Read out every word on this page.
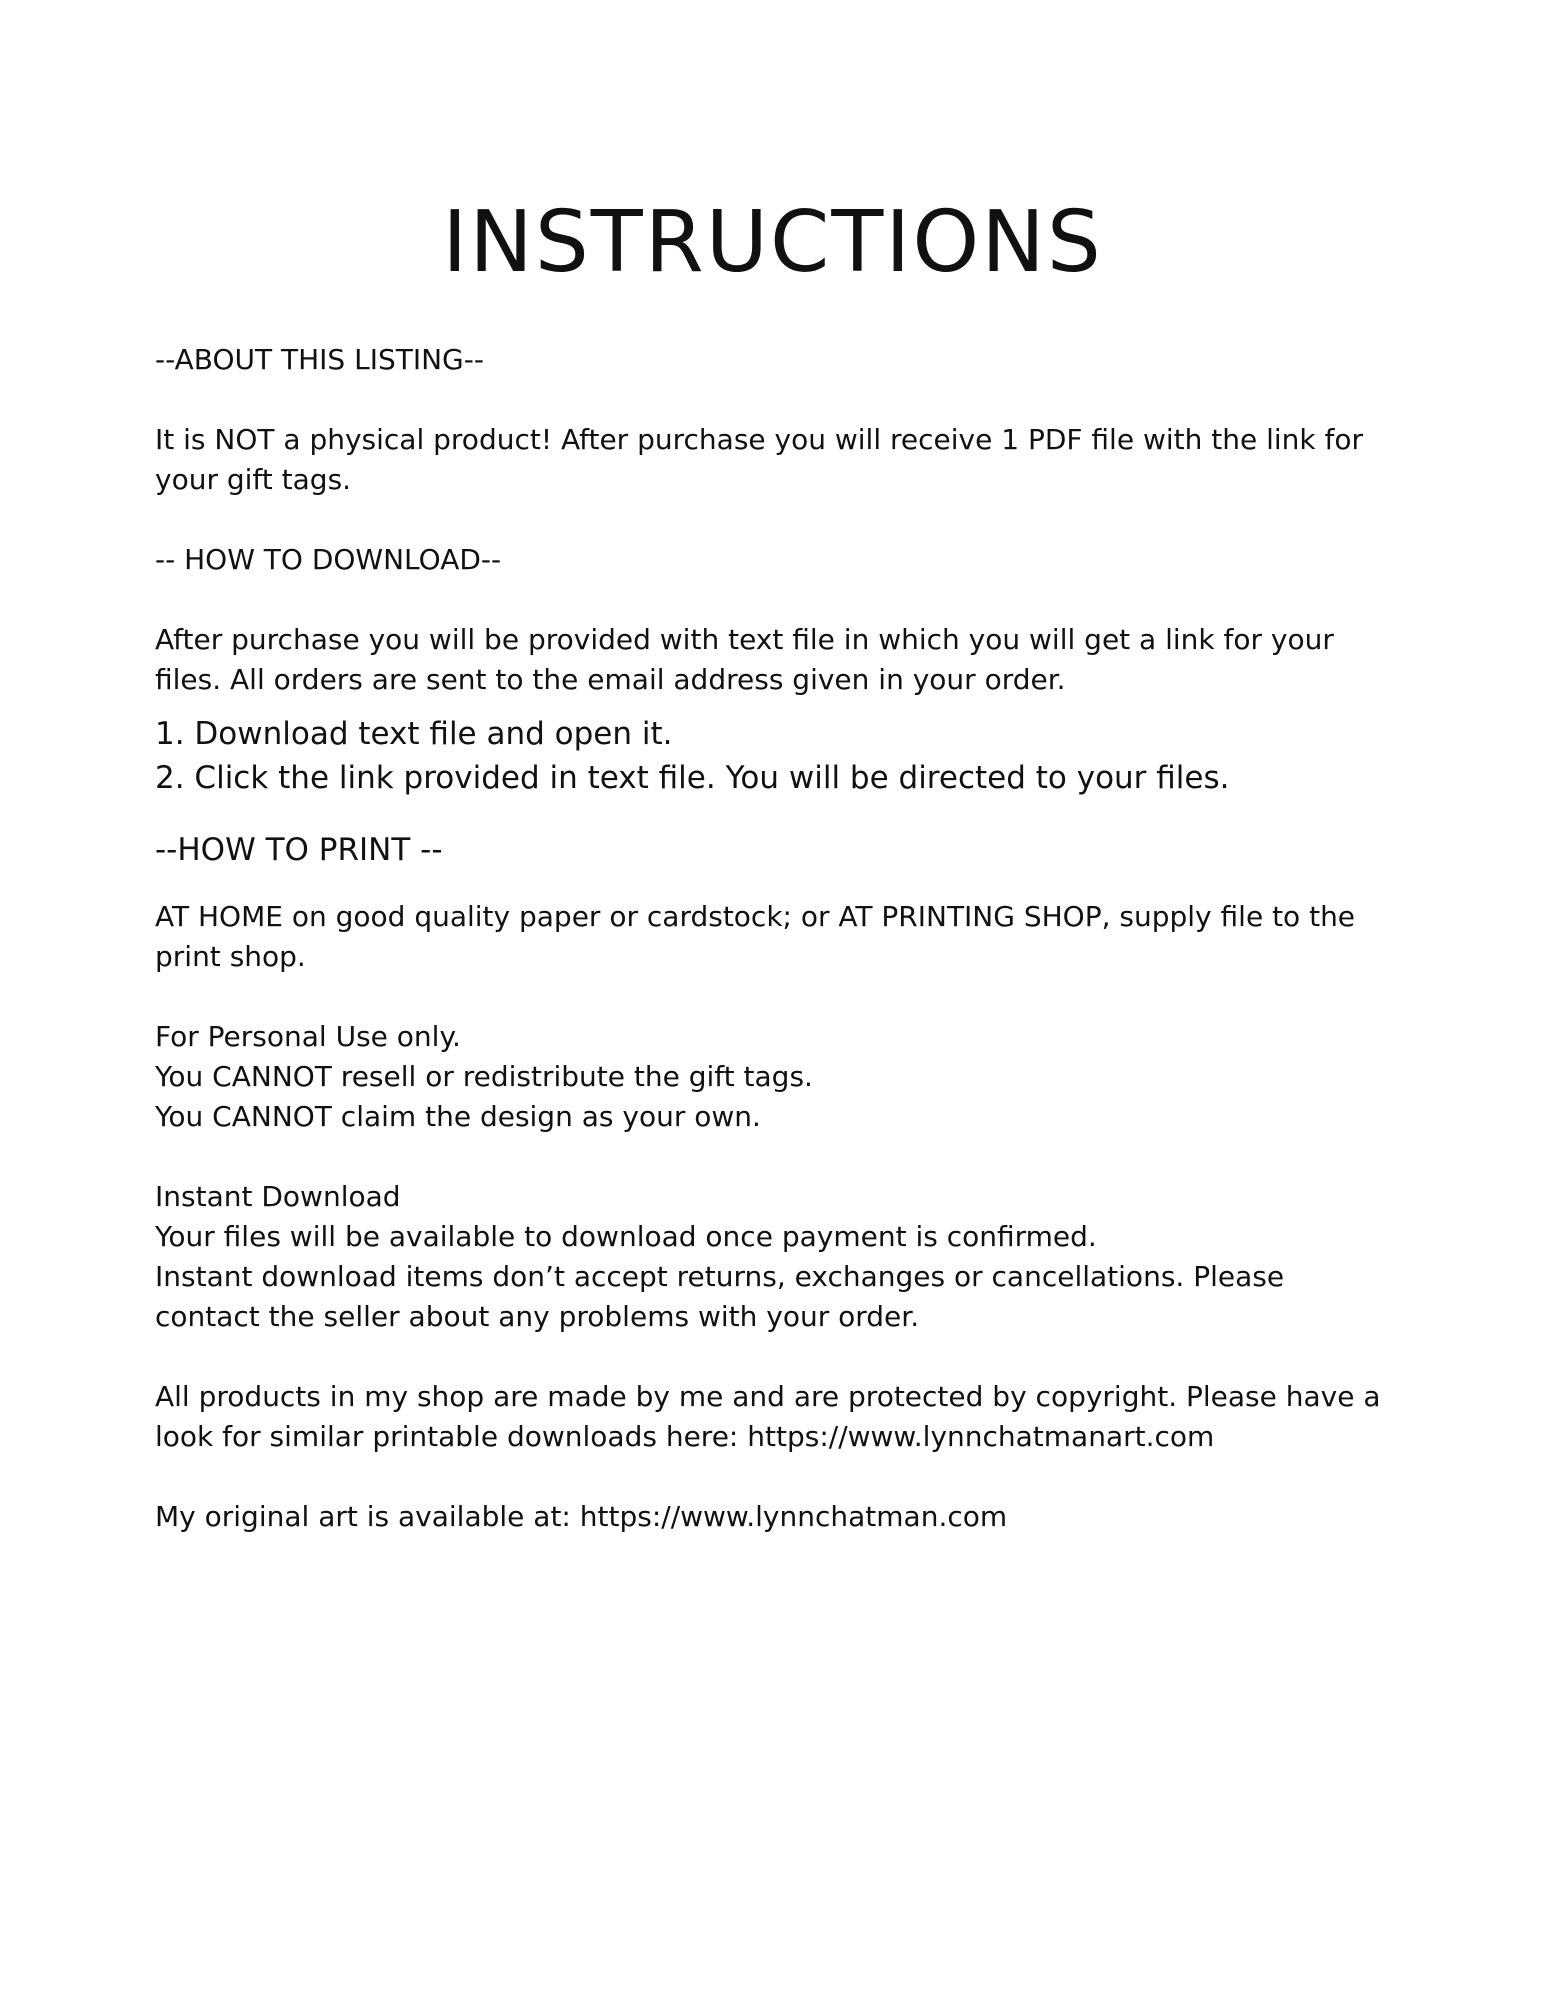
INSTRUCTIONS

--ABOUT THIS LISTING--

It is NOT a physical product! After purchase you will receive 1 PDF file with the link for

your gift tags.

-- HOW TO DOWNLOAD--

After purchase you will be provided with text file in which you will get a link for your

files. All orders are sent to the email address given in your order.

1. Download text file and open it.

2. Click the link provided in text file. You will be directed to your files.

--HOW TO PRINT --

AT HOME on good quality paper or cardstock; or AT PRINTING SHOP, supply file to the

print shop.

For Personal Use only.

You CANNOT resell or redistribute the gift tags.

You CANNOT claim the design as your own.

Instant Download

Your files will be available to download once payment is confirmed.

Instant download items don’t accept returns, exchanges or cancellations. Please

contact the seller about any problems with your order.

All products in my shop are made by me and are protected by copyright. Please have a

look for similar printable downloads here: https://www.lynnchatmanart.com

My original art is available at: https://www.lynnchatman.com
